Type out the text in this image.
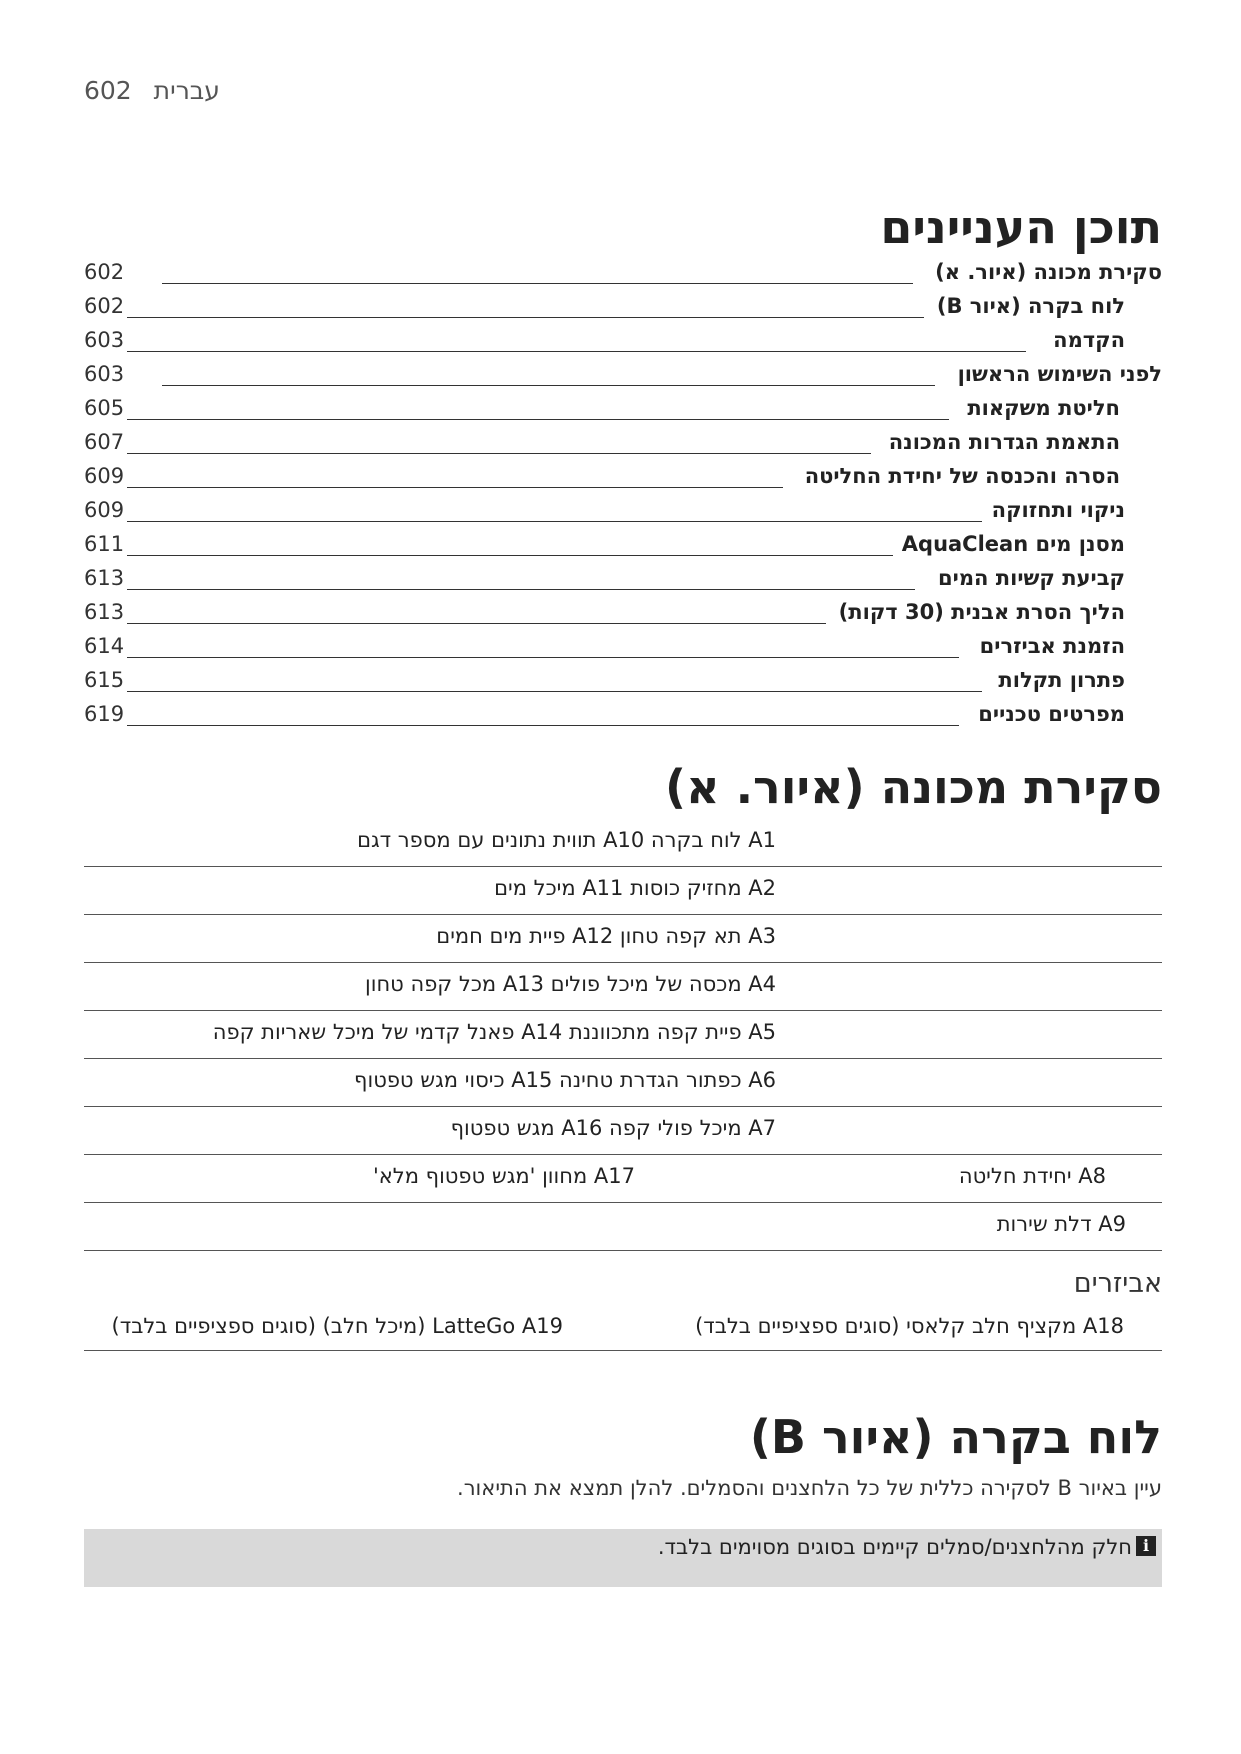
602 עברית
תוכן העניינים
602	סקירת מכונה (איור. א)
602	לוח בקרה (איור B)
603	הקדמה
603	לפני השימוש הראשון
605	חליטת משקאות
607	התאמת הגדרות המכונה
609	הסרה והכנסה של יחידת החליטה
609	ניקוי ותחזוקה
611	מסנן מים AquaClean
613	קביעת קשיות המים
613	הליך הסרת אבנית (30 דקות)
614	הזמנת אביזרים
615	פתרון תקלות
619	מפרטים טכניים
סקירת מכונה (איור. א)
A1 לוח בקרה A10 תווית נתונים עם מספר דגם
A2 מחזיק כוסות A11 מיכל מים
A3 תא קפה טחון A12 פיית מים חמים
A4 מכסה של מיכל פולים A13 מכל קפה טחון
A5 פיית קפה מתכווננת A14 פאנל קדמי של מיכל שאריות קפה
A6 כפתור הגדרת טחינה A15 כיסוי מגש טפטוף
A7 מיכל פולי קפה A16 מגש טפטוף
A8 יחידת חליטה
A17 מחוון 'מגש טפטוף מלא'
A9 דלת שירות
אביזרים
A18 מקציף חלב קלאסי (סוגים ספציפיים בלבד)
LatteGo A19 (מיכל חלב) (סוגים ספציפיים בלבד)
לוח בקרה (איור B)
עיין באיור B לסקירה כללית של כל הלחצנים והסמלים. להלן תמצא את התיאור.
i
חלק מהלחצנים/סמלים קיימים בסוגים מסוימים בלבד.
